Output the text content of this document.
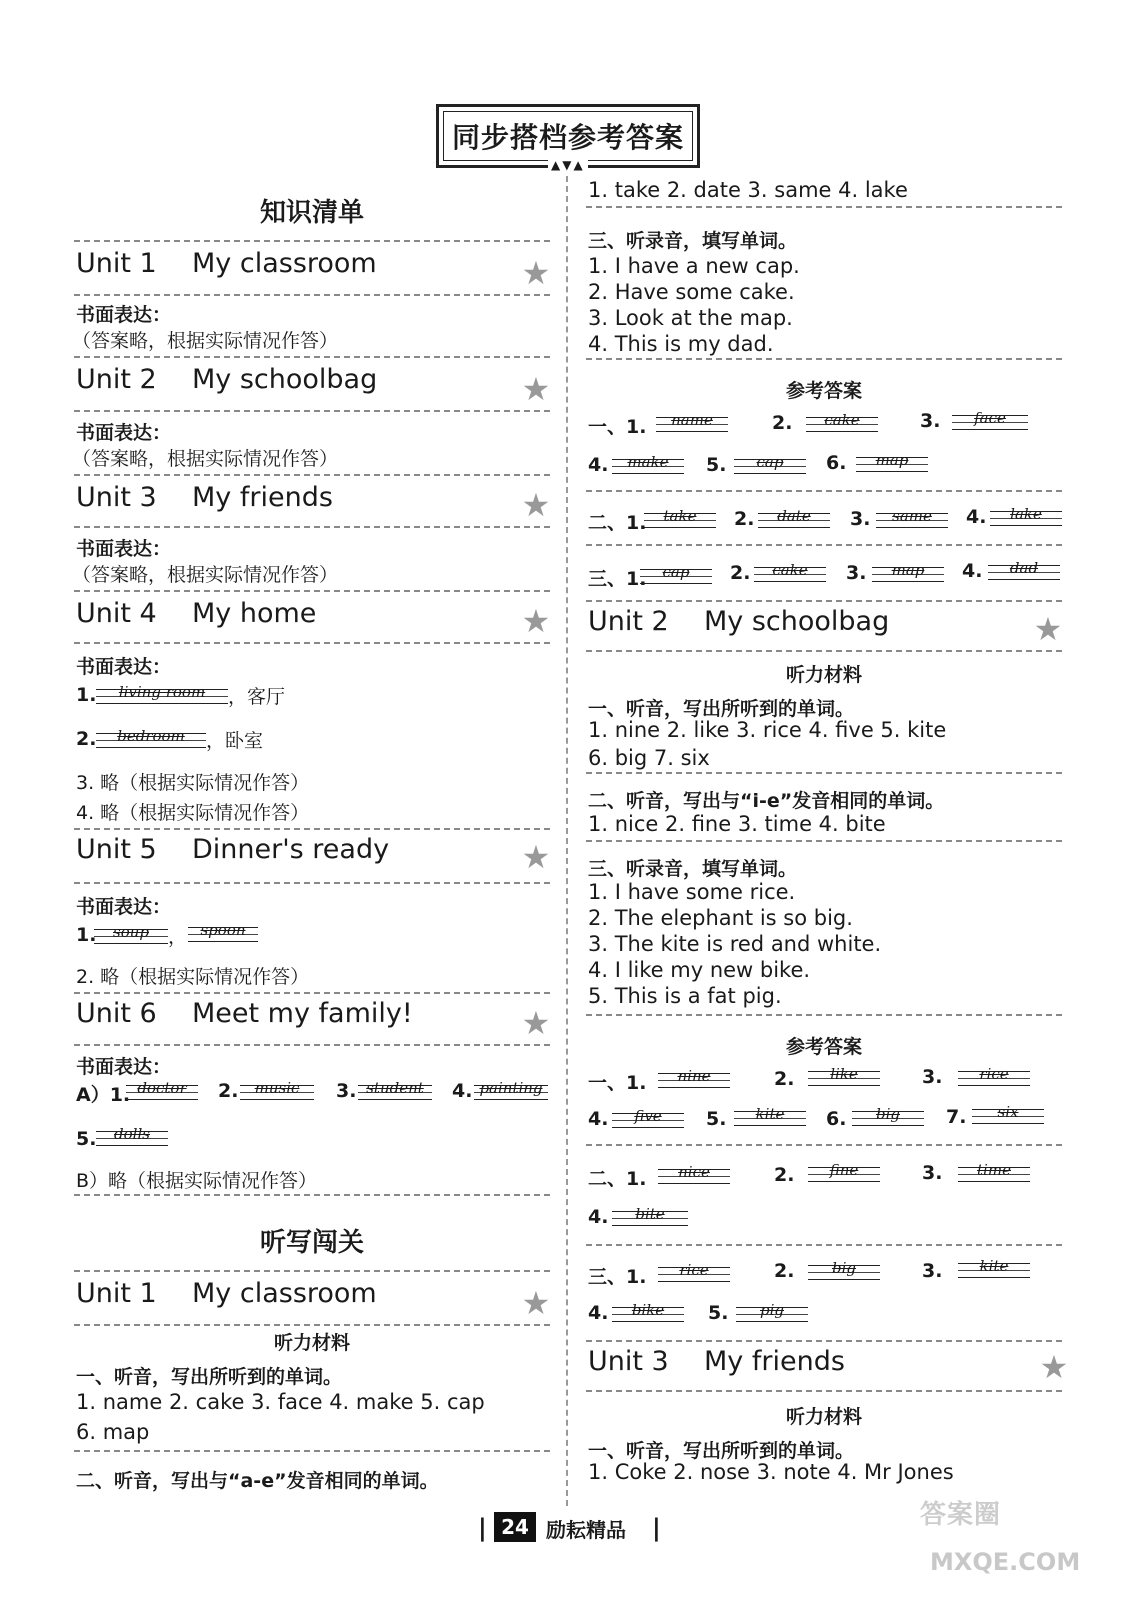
同步搭档参考答案
▲▼▲
知识清单
Unit 1 My classroom	★
书面表达：
（答案略，根据实际情况作答）
Unit 2 My schoolbag	★
书面表达：
（答案略，根据实际情况作答）
Unit 3 My friends	★
书面表达：
（答案略，根据实际情况作答）
Unit 4 My home	★
书面表达：
1.	living room	，客厅
2.	bedroom	，卧室
3. 略（根据实际情况作答）
4. 略（根据实际情况作答）
Unit 5 Dinner's ready	★
书面表达：
1.	soup	， spoon
2. 略（根据实际情况作答）
Unit 6 Meet my family!	★
书面表达：
A）1. doctor	2.	music	3. student	4. painting
5.	dolls
B）略（根据实际情况作答）
听写闯关
Unit 1 My classroom	★
听力材料
一、听音，写出所听到的单词。
1. name 2. cake 3. face 4. make 5. cap
6. map
二、听音，写出与“a-e”发音相同的单词。
1. take 2. date 3. same 4. lake
三、听录音，填写单词。
1. I have a new cap.
2. Have some cake.
3. Look at the map.
4. This is my dad.
参考答案
一、1.	name	2.	cake	3.	face
4.	make	5.	cap	6.	map
二、1.	take	2.	date	3.	same	4.	lake
三、1.	cap	2.	cake	3.	map	4.	dad
Unit 2 My schoolbag	★
听力材料
一、听音，写出所听到的单词。
1. nine 2. like 3. rice 4. five 5. kite
6. big 7. six
二、听音，写出与“i-e”发音相同的单词。
1. nice 2. fine 3. time 4. bite
三、听录音，填写单词。
1. I have some rice.
2. The elephant is so big.
3. The kite is red and white.
4. I like my new bike.
5. This is a fat pig.
参考答案
一、1.	nine	2.	like	3.	rice
4.	five	5.	kite	6.	big	7.	six
二、1.	nice	2.	fine	3.	time
4.	bite
三、1.	rice	2.	big	3.	kite
4.	bike	5.	pig
Unit 3 My friends	★
听力材料
一、听音，写出所听到的单词。
1. Coke 2. nose 3. note 4. Mr Jones
| 24 励耘精品 |	答案圈
MXQE.COM
